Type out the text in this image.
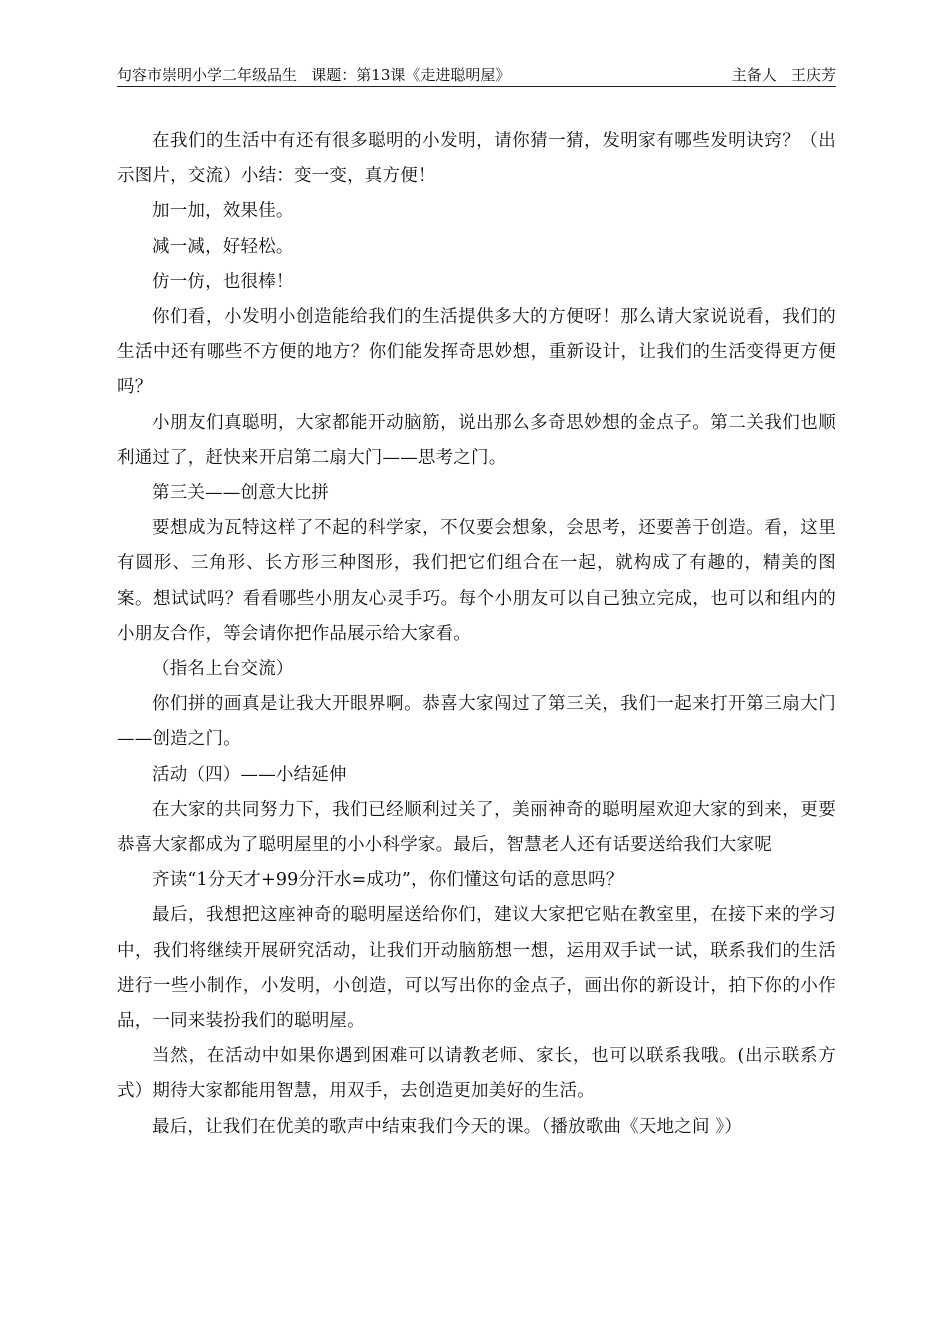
句容市崇明小学二年级品生   课题：第13课《走进聪明屋》	主备人   王庆芳

在我们的生活中有还有很多聪明的小发明，请你猜一猜，发明家有哪些发明诀窍？（出示图片，交流）小结：变一变，真方便！

加一加，效果佳。

减一减，好轻松。

仿一仿，也很棒！

你们看，小发明小创造能给我们的生活提供多大的方便呀！那么请大家说说看，我们的生活中还有哪些不方便的地方？你们能发挥奇思妙想，重新设计，让我们的生活变得更方便吗？

小朋友们真聪明，大家都能开动脑筋，说出那么多奇思妙想的金点子。第二关我们也顺利通过了，赶快来开启第二扇大门——思考之门。

第三关——创意大比拼

要想成为瓦特这样了不起的科学家，不仅要会想象，会思考，还要善于创造。看，这里有圆形、三角形、长方形三种图形，我们把它们组合在一起，就构成了有趣的，精美的图案。想试试吗？看看哪些小朋友心灵手巧。每个小朋友可以自己独立完成，也可以和组内的小朋友合作，等会请你把作品展示给大家看。

（指名上台交流）

你们拼的画真是让我大开眼界啊。恭喜大家闯过了第三关，我们一起来打开第三扇大门——创造之门。

活动（四）——小结延伸

在大家的共同努力下，我们已经顺利过关了，美丽神奇的聪明屋欢迎大家的到来，更要恭喜大家都成为了聪明屋里的小小科学家。最后，智慧老人还有话要送给我们大家呢

齐读“1分天才+99分汗水=成功”，你们懂这句话的意思吗？

最后，我想把这座神奇的聪明屋送给你们，建议大家把它贴在教室里，在接下来的学习中，我们将继续开展研究活动，让我们开动脑筋想一想，运用双手试一试，联系我们的生活进行一些小制作，小发明，小创造，可以写出你的金点子，画出你的新设计，拍下你的小作品，一同来装扮我们的聪明屋。

当然，在活动中如果你遇到困难可以请教老师、家长，也可以联系我哦。(出示联系方式）期待大家都能用智慧，用双手，去创造更加美好的生活。

最后，让我们在优美的歌声中结束我们今天的课。（播放歌曲《天地之间 》）
